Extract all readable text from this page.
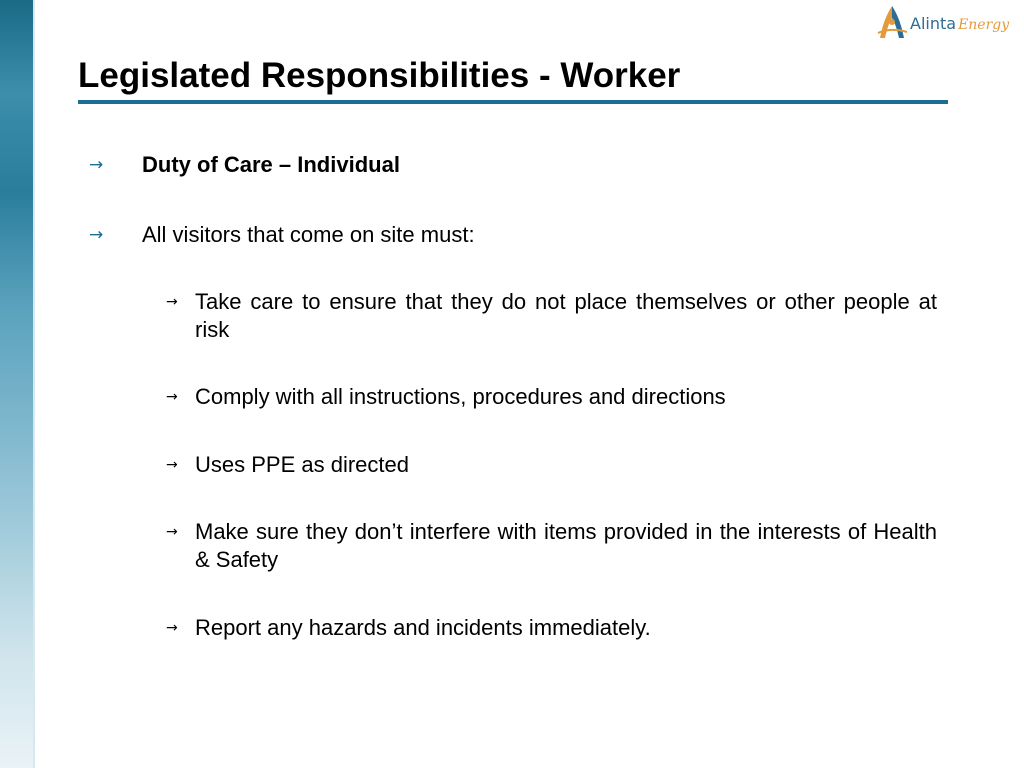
Alinta Energy
Legislated Responsibilities - Worker
→ Duty of Care – Individual
→ All visitors that come on site must:
→ Take care to ensure that they do not place themselves or other people at risk
→ Comply with all instructions, procedures and directions
→ Uses PPE as directed
→ Make sure they don’t interfere with items provided in the interests of Health & Safety
→ Report any hazards and incidents immediately.
